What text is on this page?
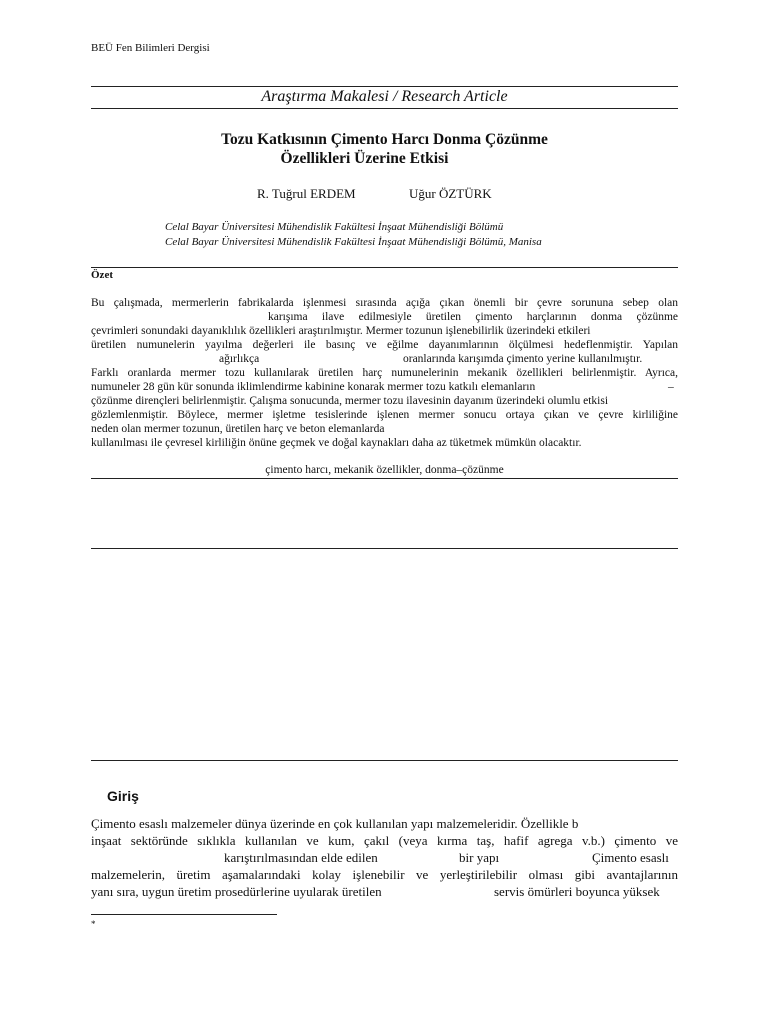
BEÜ Fen Bilimleri Dergisi
Araştırma Makalesi / Research Article
Tozu Katkısının Çimento Harcı Donma Çözünme
Özellikleri Üzerine Etkisi
R. Tuğrul ERDEM	Uğur ÖZTÜRK
Celal Bayar Üniversitesi Mühendislik Fakültesi İnşaat Mühendisliği Bölümü
Celal Bayar Üniversitesi Mühendislik Fakültesi İnşaat Mühendisliği Bölümü, Manisa
Özet
Bu çalışmada, mermerlerin fabrikalarda işlenmesi sırasında açığa çıkan önemli bir çevre sorununa sebep olan
karışıma ilave edilmesiyle üretilen çimento harçlarının donma çözünme
çevrimleri sonundaki dayanıklılık özellikleri araştırılmıştır. Mermer tozunun işlenebilirlik üzerindeki etkileri
üretilen numunelerin yayılma değerleri ile basınç ve eğilme dayanımlarının ölçülmesi hedeflenmiştir. Yapılan
ağırlıkça	oranlarında karışımda çimento yerine kullanılmıştır.
Farklı oranlarda mermer tozu kullanılarak üretilen harç numunelerinin mekanik özellikleri belirlenmiştir. Ayrıca,
numuneler 28 gün kür sonunda iklimlendirme kabinine konarak mermer tozu katkılı elemanların	–
çözünme dirençleri belirlenmiştir. Çalışma sonucunda, mermer tozu ilavesinin dayanım üzerindeki olumlu etkisi
gözlemlenmiştir. Böylece, mermer işletme tesislerinde işlenen mermer sonucu ortaya çıkan ve çevre kirliliğine
neden olan mermer tozunun, üretilen harç ve beton elemanlarda
kullanılması ile çevresel kirliliğin önüne geçmek ve doğal kaynakları daha az tüketmek mümkün olacaktır.
çimento harcı, mekanik özellikler, donma–çözünme
Giriş
Çimento esaslı malzemeler dünya üzerinde en çok kullanılan yapı malzemeleridir. Özellikle b
inşaat sektöründe sıklıkla kullanılan ve kum, çakıl (veya kırma taş, hafif agrega v.b.) çimento ve
karıştırılmasından elde edilen	bir yapı	Çimento esaslı
malzemelerin, üretim aşamalarındaki kolay işlenebilir ve yerleştirilebilir olması gibi avantajlarının
yanı sıra, uygun üretim prosedürlerine uyularak üretilen	servis ömürleri boyunca yüksek
*
